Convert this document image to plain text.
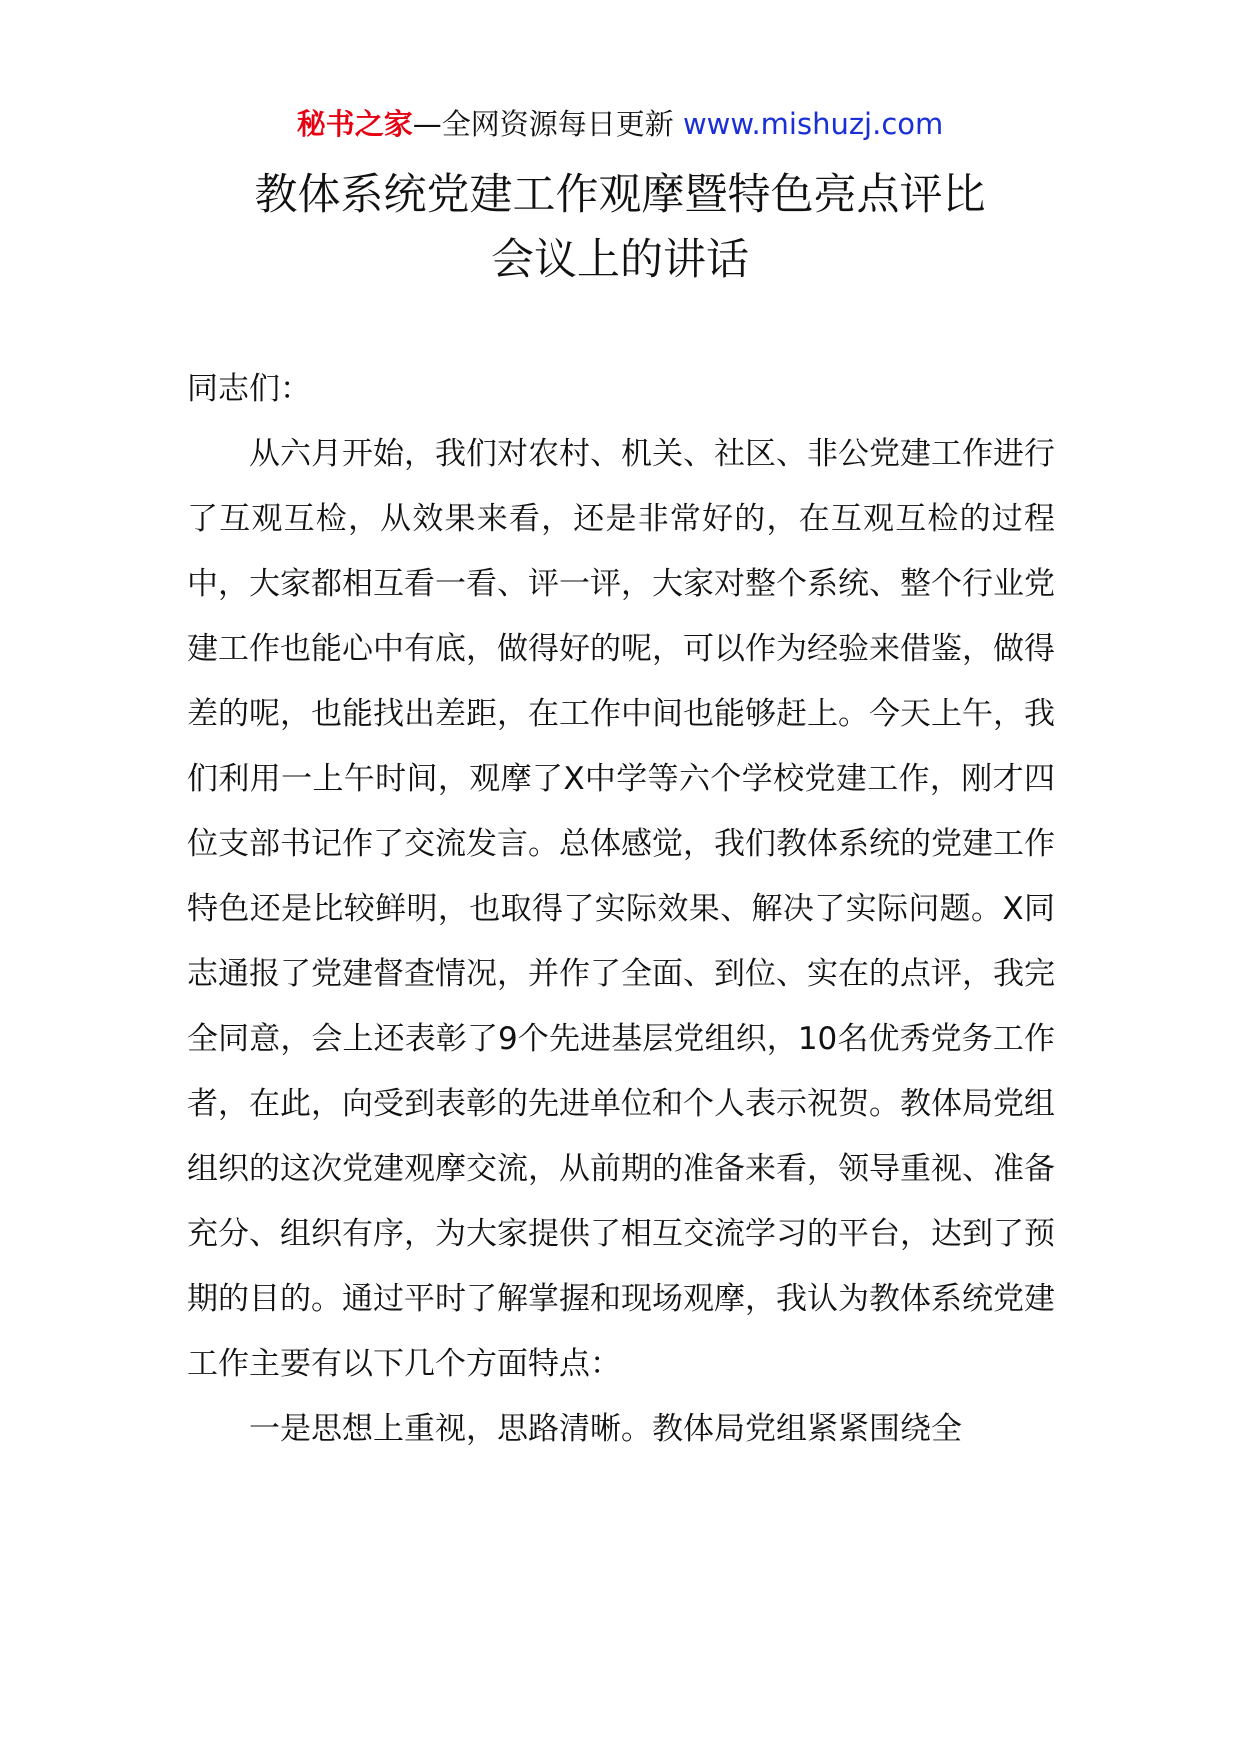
秘书之家—全网资源每日更新 www.mishuzj.com
教体系统党建工作观摩暨特色亮点评比
会议上的讲话

同志们：

从六月开始，我们对农村、机关、社区、非公党建工作进行了互观互检，从效果来看，还是非常好的，在互观互检的过程中，大家都相互看一看、评一评，大家对整个系统、整个行业党建工作也能心中有底，做得好的呢，可以作为经验来借鉴，做得差的呢，也能找出差距，在工作中间也能够赶上。今天上午，我们利用一上午时间，观摩了X中学等六个学校党建工作，刚才四位支部书记作了交流发言。总体感觉，我们教体系统的党建工作特色还是比较鲜明，也取得了实际效果、解决了实际问题。X同志通报了党建督查情况，并作了全面、到位、实在的点评，我完全同意，会上还表彰了9个先进基层党组织，10名优秀党务工作者，在此，向受到表彰的先进单位和个人表示祝贺。教体局党组组织的这次党建观摩交流，从前期的准备来看，领导重视、准备充分、组织有序，为大家提供了相互交流学习的平台，达到了预期的目的。通过平时了解掌握和现场观摩，我认为教体系统党建工作主要有以下几个方面特点：

一是思想上重视，思路清晰。教体局党组紧紧围绕全
